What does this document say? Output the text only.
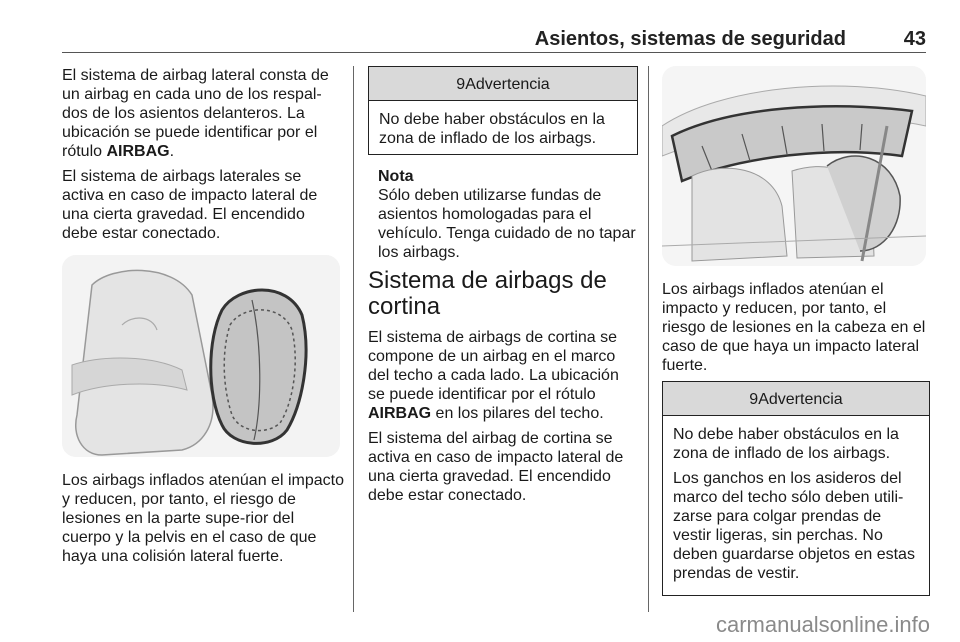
Asientos, sistemas de seguridad	43

El sistema de airbag lateral consta de un airbag en cada uno de los respal-dos de los asientos delanteros. La ubicación se puede identificar por el rótulo AIRBAG.

El sistema de airbags laterales se activa en caso de impacto lateral de una cierta gravedad. El encendido debe estar conectado.

Los airbags inflados atenúan el impacto y reducen, por tanto, el riesgo de lesiones en la parte supe-rior del cuerpo y la pelvis en el caso de que haya una colisión lateral fuerte.

9Advertencia
No debe haber obstáculos en la zona de inflado de los airbags.
Nota
Sólo deben utilizarse fundas de asientos homologadas para el vehículo. Tenga cuidado de no tapar los airbags.
Sistema de airbags de cortina

El sistema de airbags de cortina se compone de un airbag en el marco del techo a cada lado. La ubicación se puede identificar por el rótulo AIRBAG en los pilares del techo.

El sistema del airbag de cortina se activa en caso de impacto lateral de una cierta gravedad. El encendido debe estar conectado.

Los airbags inflados atenúan el impacto y reducen, por tanto, el riesgo de lesiones en la cabeza en el caso de que haya un impacto lateral fuerte.

9Advertencia

No debe haber obstáculos en la zona de inflado de los airbags.

Los ganchos en los asideros del marco del techo sólo deben utili-zarse para colgar prendas de vestir ligeras, sin perchas. No deben guardarse objetos en estas prendas de vestir.

carmanualsonline.info
